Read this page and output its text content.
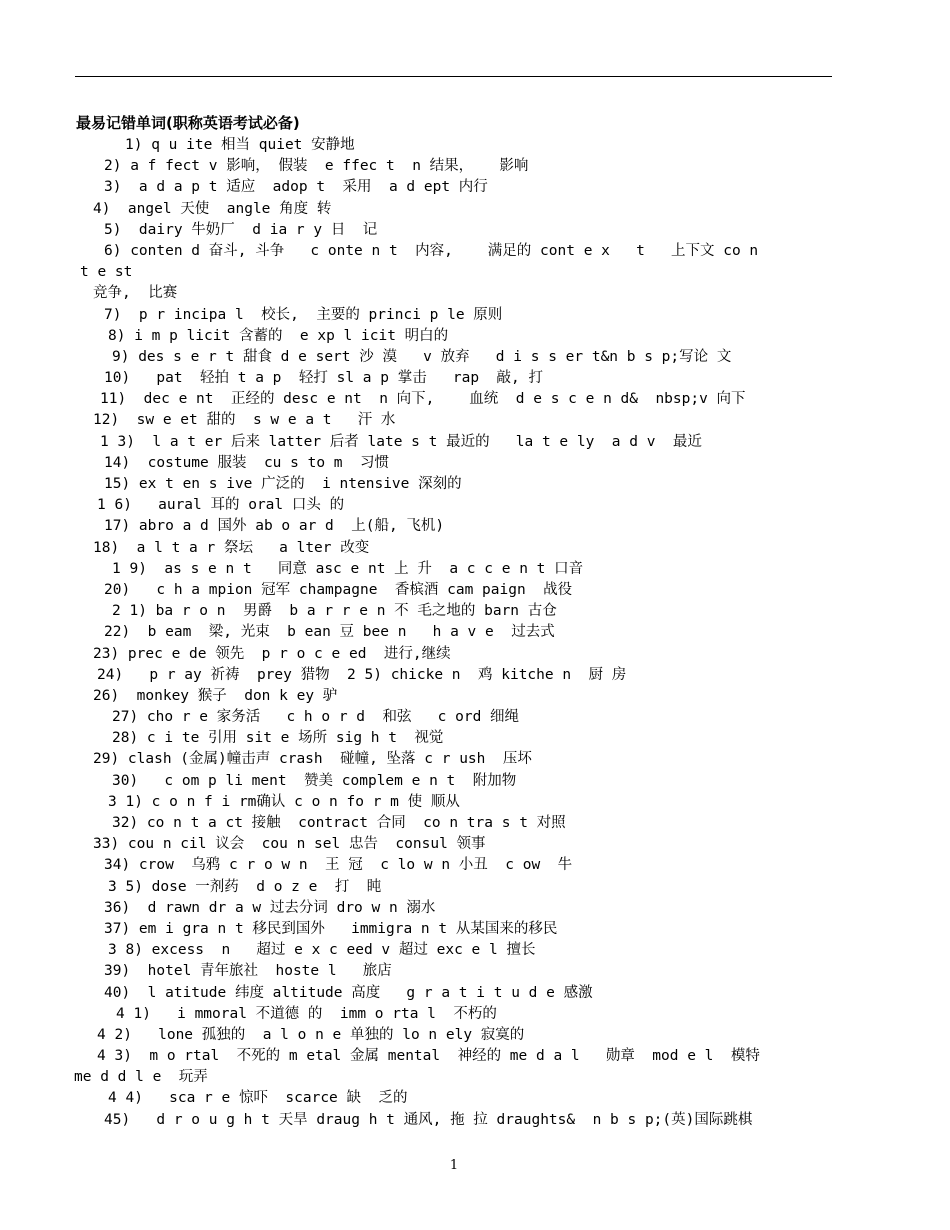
最易记错单词(职称英语考试必备)
1) q u ite 相当 quiet 安静地
2) a f fect v 影响， 假装  e ffec t  n 结果，   影响
3)  a d a p t 适应  adop t  采用  a d ept 内行
4)  angel 天使  angle 角度 转
5)  dairy 牛奶厂  d ia r y 日  记
6) conten d 奋斗, 斗争   c onte n t  内容,    满足的 cont e x   t   上下文 co n
t e st
竞争,  比赛
7)  p r incipa l  校长,  主要的 princi p le 原则
8) i m p licit 含蓄的  e xp l icit 明白的
9) des s e r t 甜食 d e sert 沙 漠   v 放弃   d i s s er t&n b s p;写论 文
10)   pat  轻拍 t a p  轻打 sl a p 掌击   rap  敲, 打
11)  dec e nt  正经的 desc e nt  n 向下,    血统  d e s c e n d&  nbsp;v 向下
12)  sw e et 甜的  s w e a t   汗 水
1 3)  l a t er 后来 latter 后者 late s t 最近的   la t e ly  a d v  最近
14)  costume 服装  cu s to m  习惯
15) ex t en s ive 广泛的  i ntensive 深刻的
1 6)   aural 耳的 oral 口头 的
17) abro a d 国外 ab o ar d  上(船, 飞机)
18)  a l t a r 祭坛   a lter 改变
1 9)  as s e n t   同意 asc e nt 上 升  a c c e n t 口音
20)   c h a mpion 冠军 champagne  香槟酒 cam paign  战役
2 1) ba r o n  男爵  b a r r e n 不 毛之地的 barn 古仓
22)  b eam  梁, 光束  b ean 豆 bee n   h a v e  过去式
23) prec e de 领先  p r o c e ed  进行,继续
24)   p r ay 祈祷  prey 猎物  2 5) chicke n  鸡 kitche n  厨 房
26)  monkey 猴子  don k ey 驴
27) cho r e 家务活   c h o r d  和弦   c ord 细绳
28) c i te 引用 sit e 场所 sig h t  视觉
29) clash (金属)幢击声 crash  碰幢, 坠落 c r ush  压坏
30)   c om p li ment  赞美 complem e n t  附加物
3 1) c o n f i rm确认 c o n fo r m 使 顺从
32) co n t a ct 接触  contract 合同  co n tra s t 对照
33) cou n cil 议会  cou n sel 忠告  consul 领事
34) crow  乌鸦 c r o w n  王 冠  c lo w n 小丑  c ow  牛
3 5) dose 一剂药  d o z e  打  盹
36)  d rawn dr a w 过去分词 dro w n 溺水
37) em i gra n t 移民到国外   immigra n t 从某国来的移民
3 8) excess  n   超过 e x c eed v 超过 exc e l 擅长
39)  hotel 青年旅社  hoste l   旅店
40)  l atitude 纬度 altitude 高度   g r a t i t u d e 感激
4 1)   i mmoral 不道德 的  imm o rta l  不朽的
4 2)   lone 孤独的  a l o n e 单独的 lo n ely 寂寞的
4 3)  m o rtal  不死的 m etal 金属 mental  神经的 me d a l   勋章  mod e l  模特
me d d l e  玩弄
4 4)   sca r e 惊吓  scarce 缺  乏的
45)   d r o u g h t 天旱 draug h t 通风, 拖 拉 draughts&  n b s p;(英)国际跳棋
1
